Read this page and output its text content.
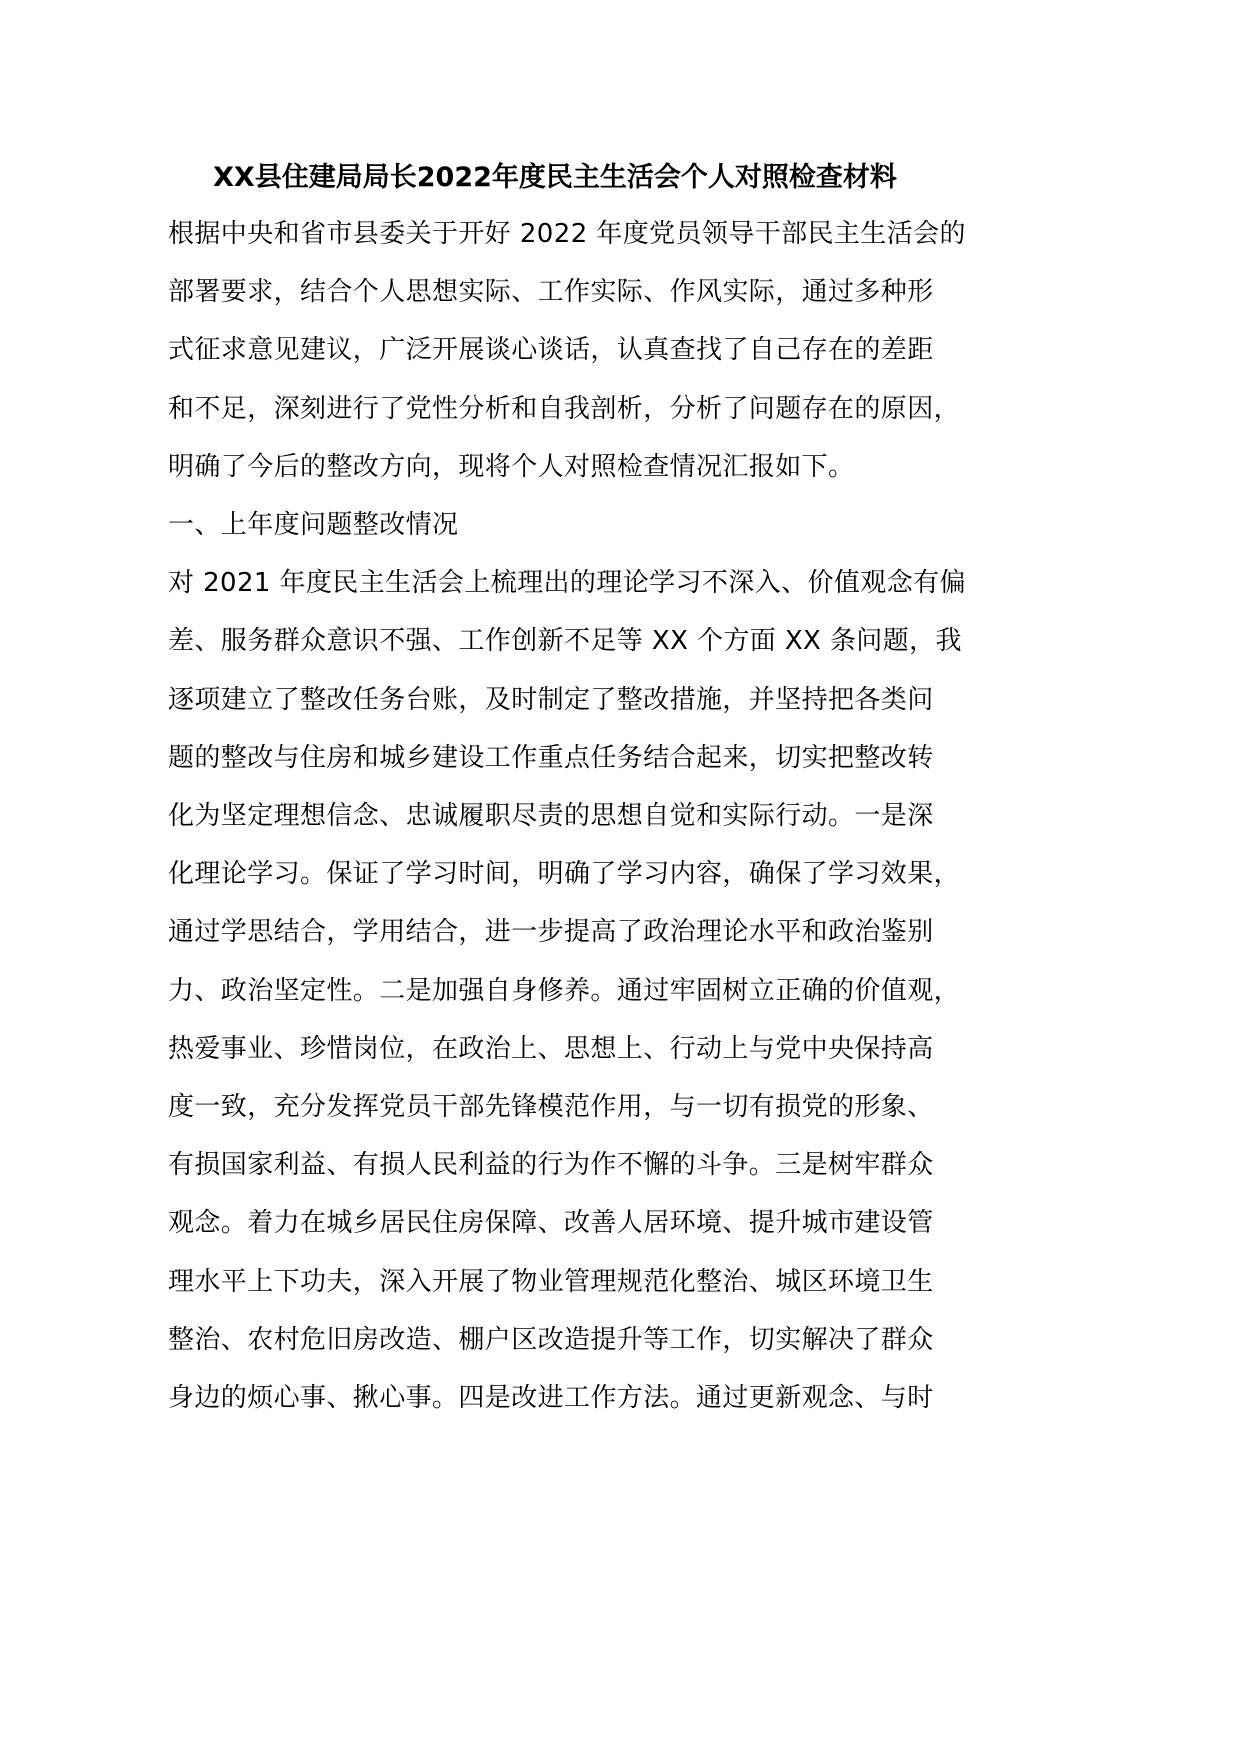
XX县住建局局长2022年度民主生活会个人对照检查材料
根据中央和省市县委关于开好 2022 年度党员领导干部民主生活会的
部署要求，结合个人思想实际、工作实际、作风实际，通过多种形
式征求意见建议，广泛开展谈心谈话，认真查找了自己存在的差距
和不足，深刻进行了党性分析和自我剖析，分析了问题存在的原因，
明确了今后的整改方向，现将个人对照检查情况汇报如下。
一、上年度问题整改情况
对 2021 年度民主生活会上梳理出的理论学习不深入、价值观念有偏
差、服务群众意识不强、工作创新不足等 XX 个方面 XX 条问题，我
逐项建立了整改任务台账，及时制定了整改措施，并坚持把各类问
题的整改与住房和城乡建设工作重点任务结合起来，切实把整改转
化为坚定理想信念、忠诚履职尽责的思想自觉和实际行动。一是深
化理论学习。保证了学习时间，明确了学习内容，确保了学习效果，
通过学思结合，学用结合，进一步提高了政治理论水平和政治鉴别
力、政治坚定性。二是加强自身修养。通过牢固树立正确的价值观，
热爱事业、珍惜岗位，在政治上、思想上、行动上与党中央保持高
度一致，充分发挥党员干部先锋模范作用，与一切有损党的形象、
有损国家利益、有损人民利益的行为作不懈的斗争。三是树牢群众
观念。着力在城乡居民住房保障、改善人居环境、提升城市建设管
理水平上下功夫，深入开展了物业管理规范化整治、城区环境卫生
整治、农村危旧房改造、棚户区改造提升等工作，切实解决了群众
身边的烦心事、揪心事。四是改进工作方法。通过更新观念、与时
